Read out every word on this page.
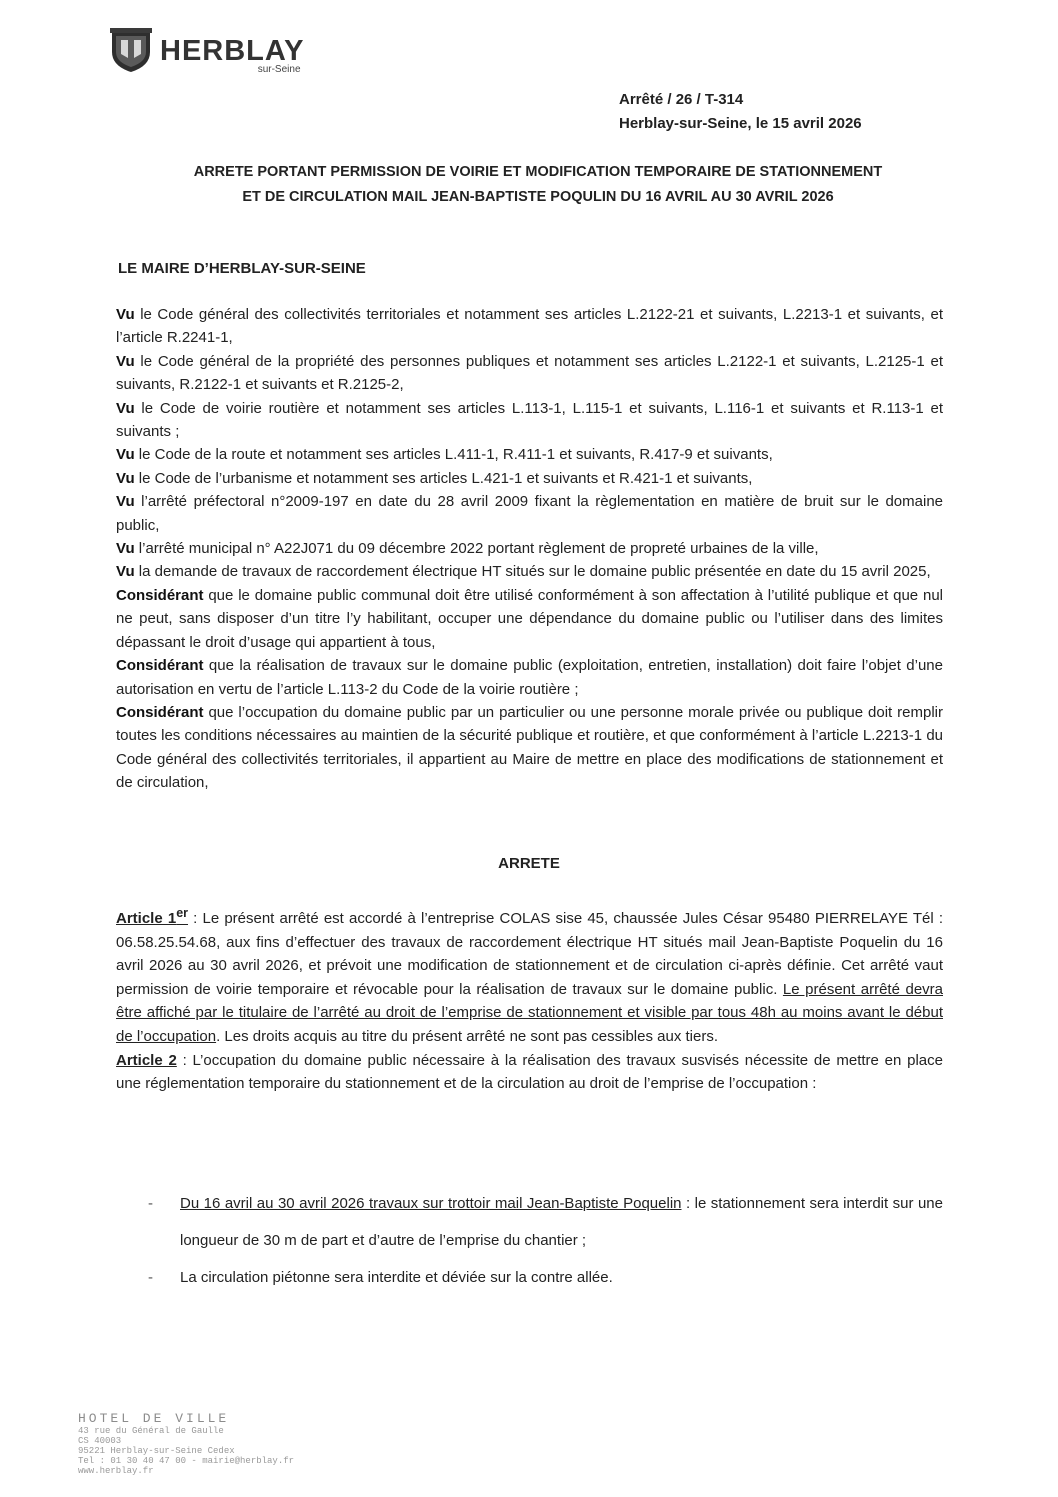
HERBLAY
sur-Seine
Arrêté / 26 / T-314
Herblay-sur-Seine, le 15 avril 2026
ARRETE PORTANT PERMISSION DE VOIRIE ET MODIFICATION TEMPORAIRE DE STATIONNEMENT
ET DE CIRCULATION MAIL JEAN-BAPTISTE POQULIN DU 16 AVRIL AU 30 AVRIL 2026
LE MAIRE D’HERBLAY-SUR-SEINE

Vu le Code général des collectivités territoriales et notamment ses articles L.2122-21 et suivants, L.2213-1 et suivants, et l’article R.2241-1,

Vu le Code général de la propriété des personnes publiques et notamment ses articles L.2122-1 et suivants, L.2125-1 et suivants, R.2122-1 et suivants et R.2125-2,

Vu le Code de voirie routière et notamment ses articles L.113-1, L.115-1 et suivants, L.116-1 et suivants et R.113-1 et suivants ;

Vu le Code de la route et notamment ses articles L.411-1, R.411-1 et suivants, R.417-9 et suivants,

Vu le Code de l’urbanisme et notamment ses articles L.421-1 et suivants et R.421-1 et suivants,

Vu l’arrêté préfectoral n°2009-197 en date du 28 avril 2009 fixant la règlementation en matière de bruit sur le domaine public,

Vu l’arrêté municipal n° A22J071 du 09 décembre 2022 portant règlement de propreté urbaines de la ville,

Vu la demande de travaux de raccordement électrique HT situés sur le domaine public présentée en date du 15 avril 2025,

Considérant que le domaine public communal doit être utilisé conformément à son affectation à l’utilité publique et que nul ne peut, sans disposer d’un titre l’y habilitant, occuper une dépendance du domaine public ou l’utiliser dans des limites dépassant le droit d’usage qui appartient à tous,

Considérant que la réalisation de travaux sur le domaine public (exploitation, entretien, installation) doit faire l’objet d’une autorisation en vertu de l’article L.113-2 du Code de la voirie routière ;

Considérant que l’occupation du domaine public par un particulier ou une personne morale privée ou publique doit remplir toutes les conditions nécessaires au maintien de la sécurité publique et routière, et que conformément à l’article L.2213-1 du Code général des collectivités territoriales, il appartient au Maire de mettre en place des modifications de stationnement et de circulation,

ARRETE

Article 1er : Le présent arrêté est accordé à l’entreprise COLAS sise 45, chaussée Jules César 95480 PIERRELAYE Tél : 06.58.25.54.68, aux fins d’effectuer des travaux de raccordement électrique HT situés mail Jean-Baptiste Poquelin du 16 avril 2026 au 30 avril 2026, et prévoit une modification de stationnement et de circulation ci-après définie. Cet arrêté vaut permission de voirie temporaire et révocable pour la réalisation de travaux sur le domaine public. Le présent arrêté devra être affiché par le titulaire de l’arrêté au droit de l’emprise de stationnement et visible par tous 48h au moins avant le début de l’occupation. Les droits acquis au titre du présent arrêté ne sont pas cessibles aux tiers.

Article 2 : L’occupation du domaine public nécessaire à la réalisation des travaux susvisés nécessite de mettre en place une réglementation temporaire du stationnement et de la circulation au droit de l’emprise de l’occupation :

-	Du 16 avril au 30 avril 2026 travaux sur trottoir mail Jean-Baptiste Poquelin : le stationnement sera interdit sur une longueur de 30 m de part et d’autre de l’emprise du chantier ;
-	La circulation piétonne sera interdite et déviée sur la contre allée.
HOTEL DE VILLE
43 rue du Général de Gaulle
CS 40003
95221 Herblay-sur-Seine Cedex
Tel : 01 30 40 47 00 - mairie@herblay.fr
www.herblay.fr
